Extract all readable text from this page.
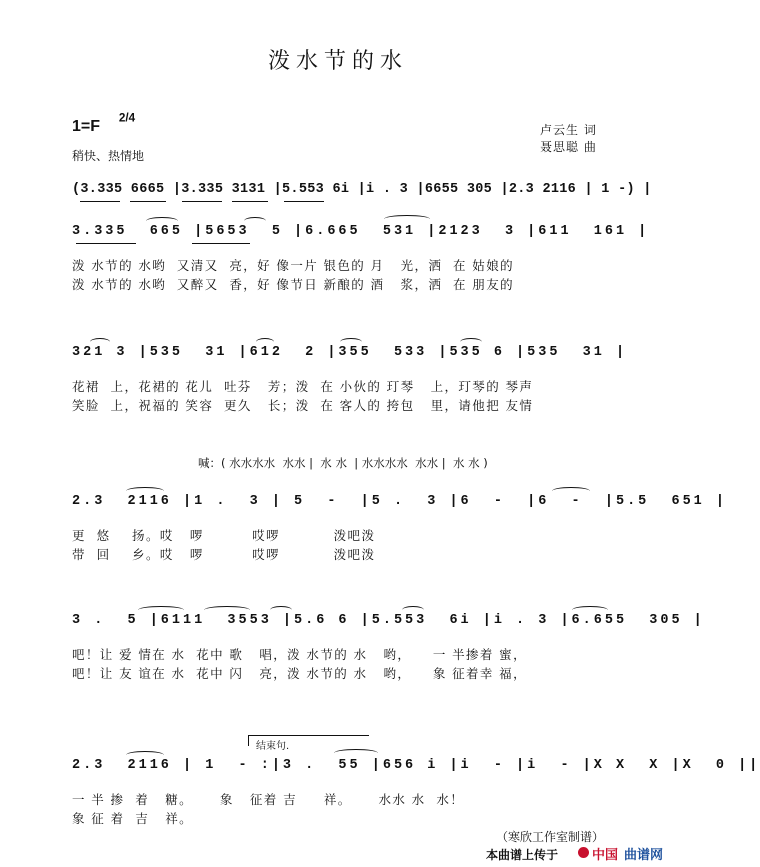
泼水节的水
1=F
2/4
稍快、热情地
卢云生 词
聂思聪 曲
(3.335 6665 |3.335 3131 |5.553 6i |i . 3 |6655 305 |2.3 2116 | 1 -) |
3.335  665 |5653  5 |6.665  531 |2123  3 |611  161 |
泼 水节的 水哟  又清又  亮，好 像一片 银色的 月   光，洒  在 姑娘的
泼 水节的 水哟  又醉又  香，好 像节日 新酿的 酒   浆，洒  在 朋友的
321 3 |535  31 |612  2 |355  533 |535 6 |535  31 |
花裙  上，花裙的 花儿  吐芬   芳；泼  在 小伙的 玎琴   上，玎琴的 琴声
笑脸  上，祝福的 笑容  更久   长；泼  在 客人的 挎包   里，请他把 友情
喊：( 水水水水  水水 |  水 水  | 水水水水  水水 |  水 水 )
2.3  2116 |1 .  3 | 5  -  |5 .  3 |6  -  |6  -  |5.5  651 |
更  悠    扬。哎   啰         哎啰          泼吧泼
带  回    乡。哎   啰         哎啰          泼吧泼
3 .  5 |6111  3553 |5.6 6 |5.553  6i |i . 3 |6.655  305 |
吧！让 爱 情在 水  花中 歌   唱，泼 水节的 水   哟，    一 半掺着 蜜，
吧！让 友 谊在 水  花中 闪   亮，泼 水节的 水   哟，    象 征着幸 福，
结束句.
2.3  2116 | 1  - :|3 .  55 |656 i |i  - |i  - |X X  X |X  0 ||
一 半 掺  着   糖。     象   征着 吉     祥。     水水 水  水！
象 征 着  吉   祥。
（寒欣工作室制谱）
本曲谱上传于	中国 曲谱网
